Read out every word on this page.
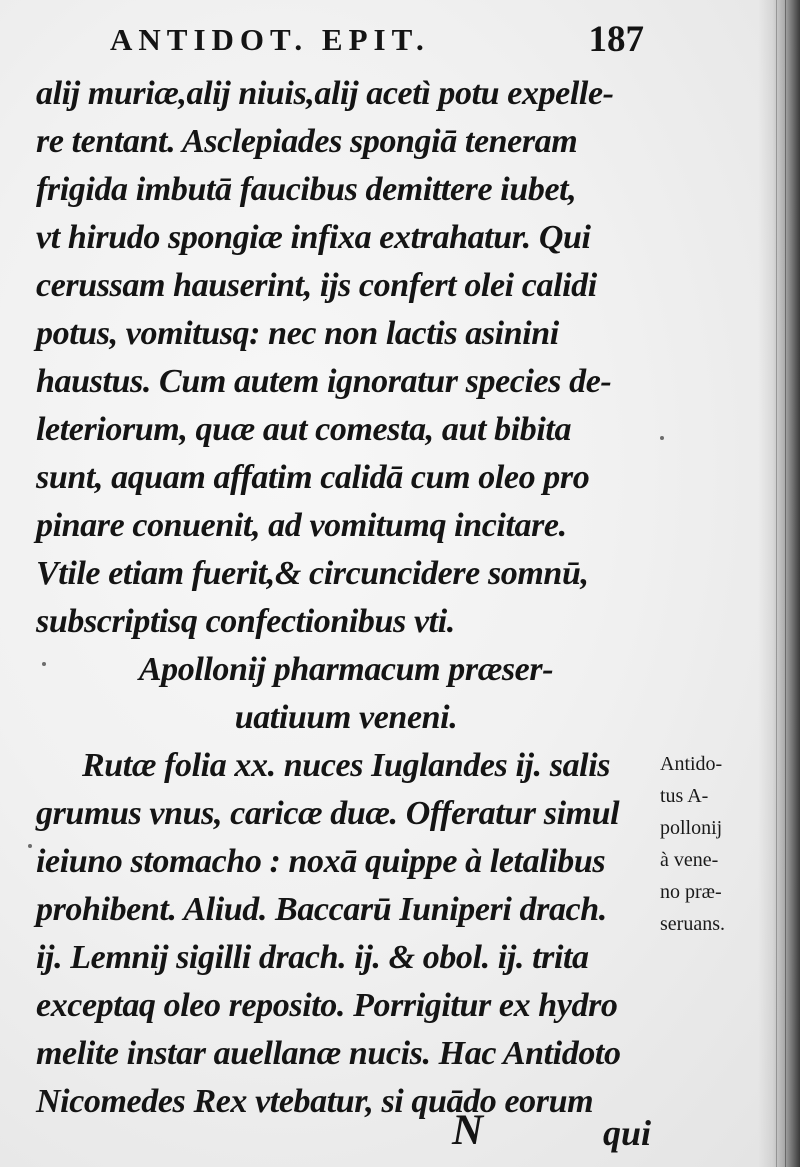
ANTIDOT. EPIT.	187
alij muriæ,alij niuis,alij acetì potu expelle-
re tentant. Asclepiades spongiā teneram
frigida imbutā faucibus demittere iubet,
vt hirudo spongiæ infixa extrahatur. Qui
cerussam hauserint, ijs confert olei calidi
potus, vomitusq: nec non lactis asinini
haustus. Cum autem ignoratur species de-
leteriorum, quæ aut comesta, aut bibita
sunt, aquam affatim calidā cum oleo pro
pinare conuenit, ad vomitumq incitare.
Vtile etiam fuerit,& circuncidere somnū,
subscriptisq confectionibus vti.
Apollonij pharmacum præser-
uatiuum veneni.
Rutæ folia xx. nuces Iuglandes ij. salis
grumus vnus, caricæ duæ. Offeratur simul
ieiuno stomacho : noxā quippe à letalibus
prohibent. Aliud. Baccarū Iuniperi drach.
ij. Lemnij sigilli drach. ij. & obol. ij. trita
exceptaq oleo reposito. Porrigitur ex hydro
melite instar auellanæ nucis. Hac Antidoto
Nicomedes Rex vtebatur, si quādo eorum
Antido-
tus A-
pollonij
à vene-
no præ-
seruans.
N	qui
